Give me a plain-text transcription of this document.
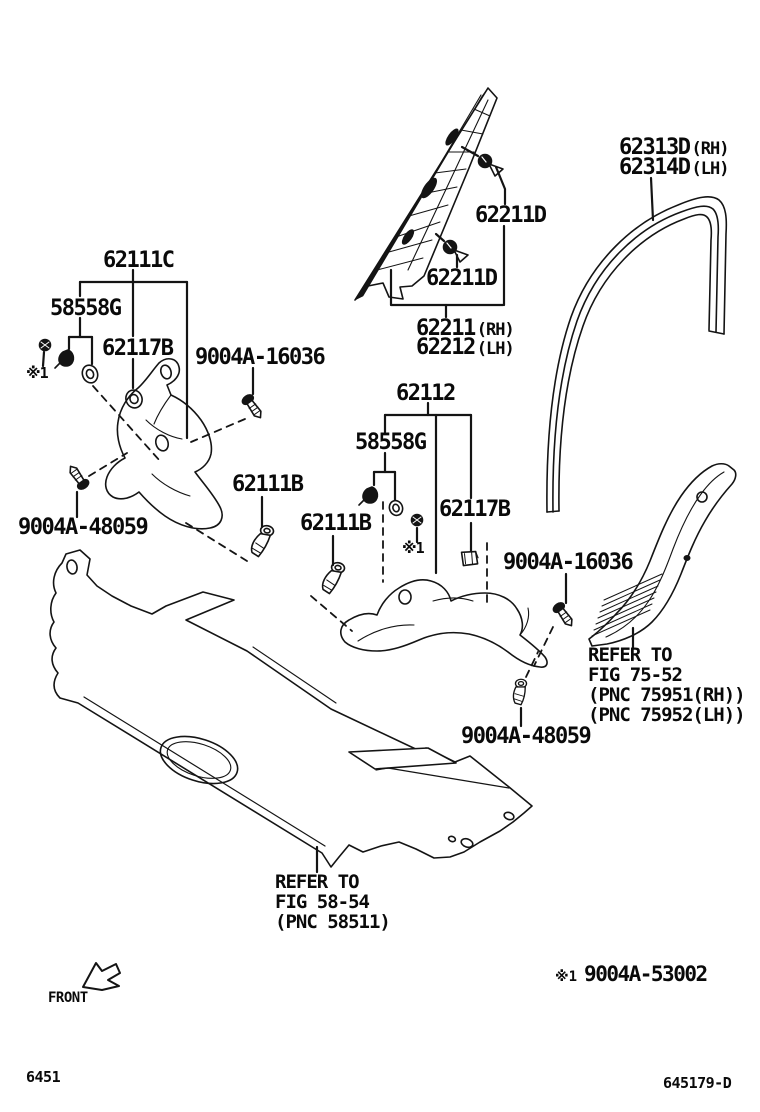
62313D (RH)
62314D (LH)
62211D
62211D
62211 (RH)
62212 (LH)
62111C
58558G
62117B 9004A-16036
※1
62112
58558G
62117B
※1
62111B
62111B
9004A-48059
9004A-16036
9004A-48059
REFER TO
FIG 75-52
(PNC 75951(RH))
(PNC 75952(LH))
REFER TO
FIG 58-54
(PNC 58511)
FRONT
※1 9004A-53002
6451	645179-D
